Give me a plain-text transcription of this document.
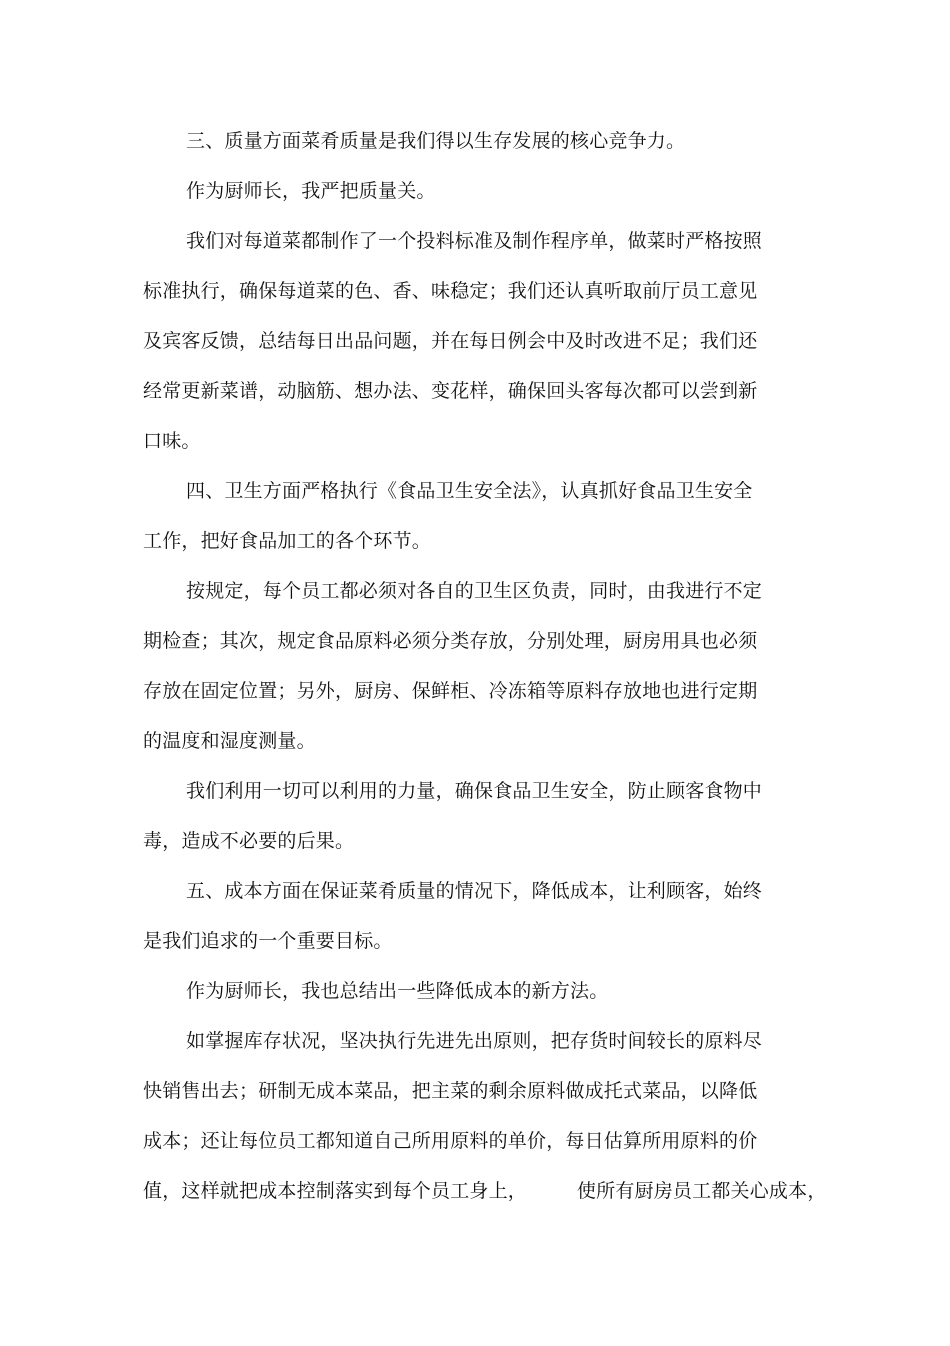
三、质量方面菜肴质量是我们得以生存发展的核心竞争力。
作为厨师长，我严把质量关。
我们对每道菜都制作了一个投料标准及制作程序单，做菜时严格按照
标准执行，确保每道菜的色、香、味稳定；我们还认真听取前厅员工意见
及宾客反馈，总结每日出品问题，并在每日例会中及时改进不足；我们还
经常更新菜谱，动脑筋、想办法、变花样，确保回头客每次都可以尝到新
口味。
四、卫生方面严格执行《食品卫生安全法》，认真抓好食品卫生安全
工作，把好食品加工的各个环节。
按规定，每个员工都必须对各自的卫生区负责，同时，由我进行不定
期检查；其次，规定食品原料必须分类存放，分别处理，厨房用具也必须
存放在固定位置；另外，厨房、保鲜柜、冷冻箱等原料存放地也进行定期
的温度和湿度测量。
我们利用一切可以利用的力量，确保食品卫生安全，防止顾客食物中
毒，造成不必要的后果。
五、成本方面在保证菜肴质量的情况下，降低成本，让利顾客，始终
是我们追求的一个重要目标。
作为厨师长，我也总结出一些降低成本的新方法。
如掌握库存状况，坚决执行先进先出原则，把存货时间较长的原料尽
快销售出去；研制无成本菜品，把主菜的剩余原料做成托式菜品，以降低
成本；还让每位员工都知道自己所用原料的单价，每日估算所用原料的价
值，这样就把成本控制落实到每个员工身上，        使所有厨房员工都关心成本，
